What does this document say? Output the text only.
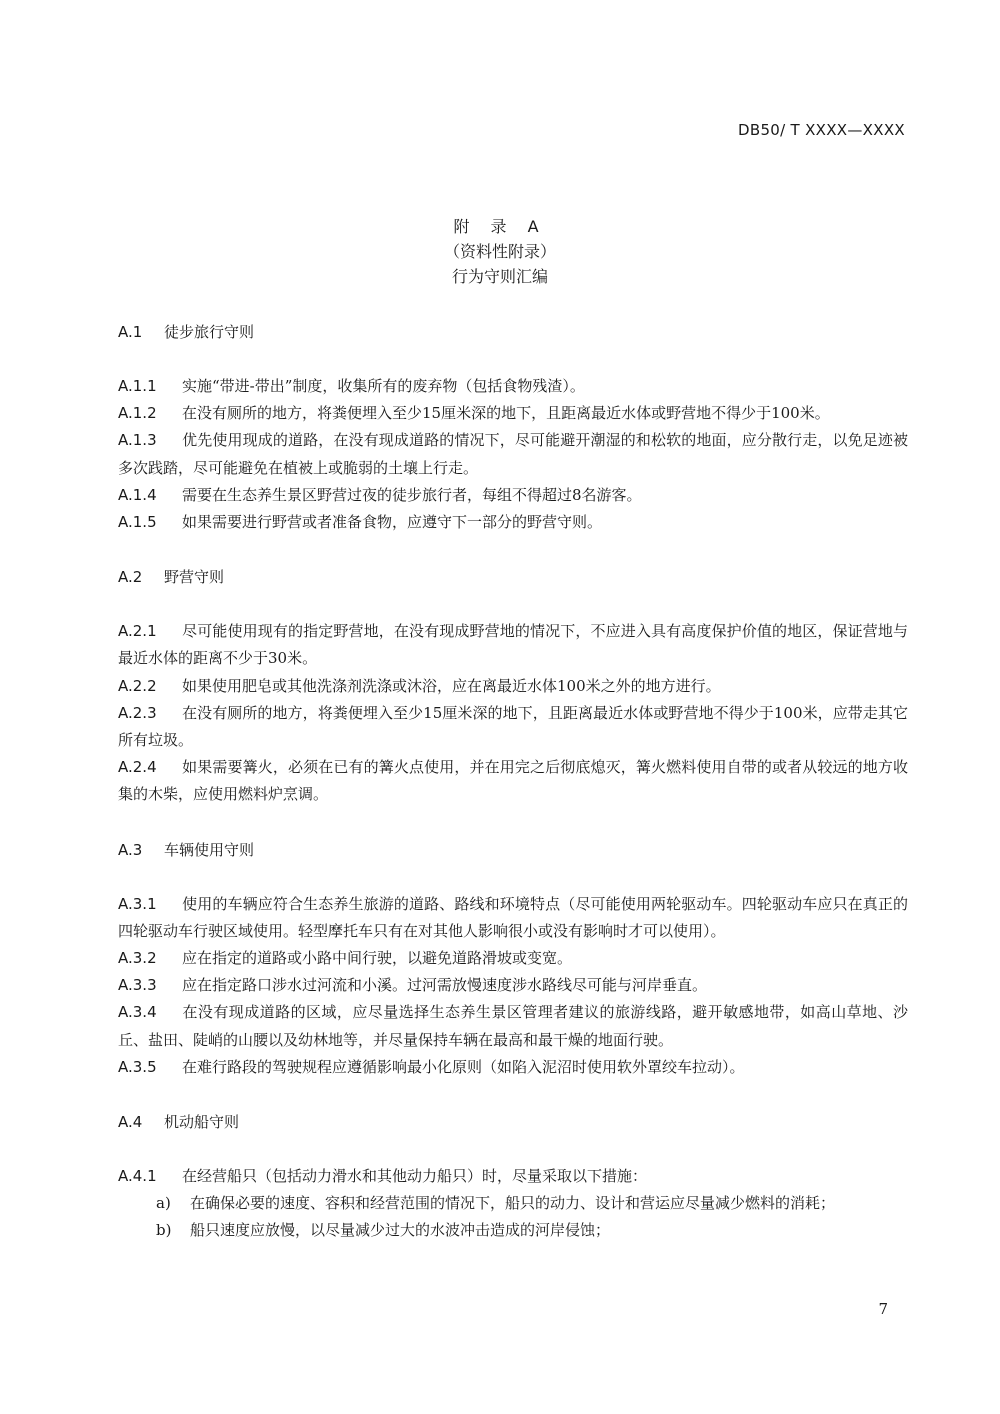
DB50/ T XXXX—XXXX
附 录 A
（资料性附录）
行为守则汇编

A.1 徒步旅行守则

A.1.1 实施“带进-带出”制度，收集所有的废弃物（包括食物残渣）。

A.1.2 在没有厕所的地方，将粪便埋入至少15厘米深的地下，且距离最近水体或野营地不得少于100米。

A.1.3 优先使用现成的道路，在没有现成道路的情况下，尽可能避开潮湿的和松软的地面，应分散行走，以免足迹被多次践踏，尽可能避免在植被上或脆弱的土壤上行走。

A.1.4 需要在生态养生景区野营过夜的徒步旅行者，每组不得超过8名游客。

A.1.5 如果需要进行野营或者准备食物，应遵守下一部分的野营守则。

A.2 野营守则

A.2.1 尽可能使用现有的指定野营地，在没有现成野营地的情况下，不应进入具有高度保护价值的地区，保证营地与最近水体的距离不少于30米。

A.2.2 如果使用肥皂或其他洗涤剂洗涤或沐浴，应在离最近水体100米之外的地方进行。

A.2.3 在没有厕所的地方，将粪便埋入至少15厘米深的地下，且距离最近水体或野营地不得少于100米，应带走其它所有垃圾。

A.2.4 如果需要篝火，必须在已有的篝火点使用，并在用完之后彻底熄灭，篝火燃料使用自带的或者从较远的地方收集的木柴，应使用燃料炉烹调。

A.3 车辆使用守则

A.3.1 使用的车辆应符合生态养生旅游的道路、路线和环境特点（尽可能使用两轮驱动车。四轮驱动车应只在真正的四轮驱动车行驶区域使用。轻型摩托车只有在对其他人影响很小或没有影响时才可以使用）。

A.3.2 应在指定的道路或小路中间行驶，以避免道路滑坡或变宽。

A.3.3 应在指定路口涉水过河流和小溪。过河需放慢速度涉水路线尽可能与河岸垂直。

A.3.4 在没有现成道路的区域，应尽量选择生态养生景区管理者建议的旅游线路，避开敏感地带，如高山草地、沙丘、盐田、陡峭的山腰以及幼林地等，并尽量保持车辆在最高和最干燥的地面行驶。

A.3.5 在难行路段的驾驶规程应遵循影响最小化原则（如陷入泥沼时使用软外罩绞车拉动）。

A.4 机动船守则

A.4.1 在经营船只（包括动力滑水和其他动力船只）时，尽量采取以下措施：

a) 在确保必要的速度、容积和经营范围的情况下，船只的动力、设计和营运应尽量减少燃料的消耗；

b) 船只速度应放慢，以尽量减少过大的水波冲击造成的河岸侵蚀；

7
